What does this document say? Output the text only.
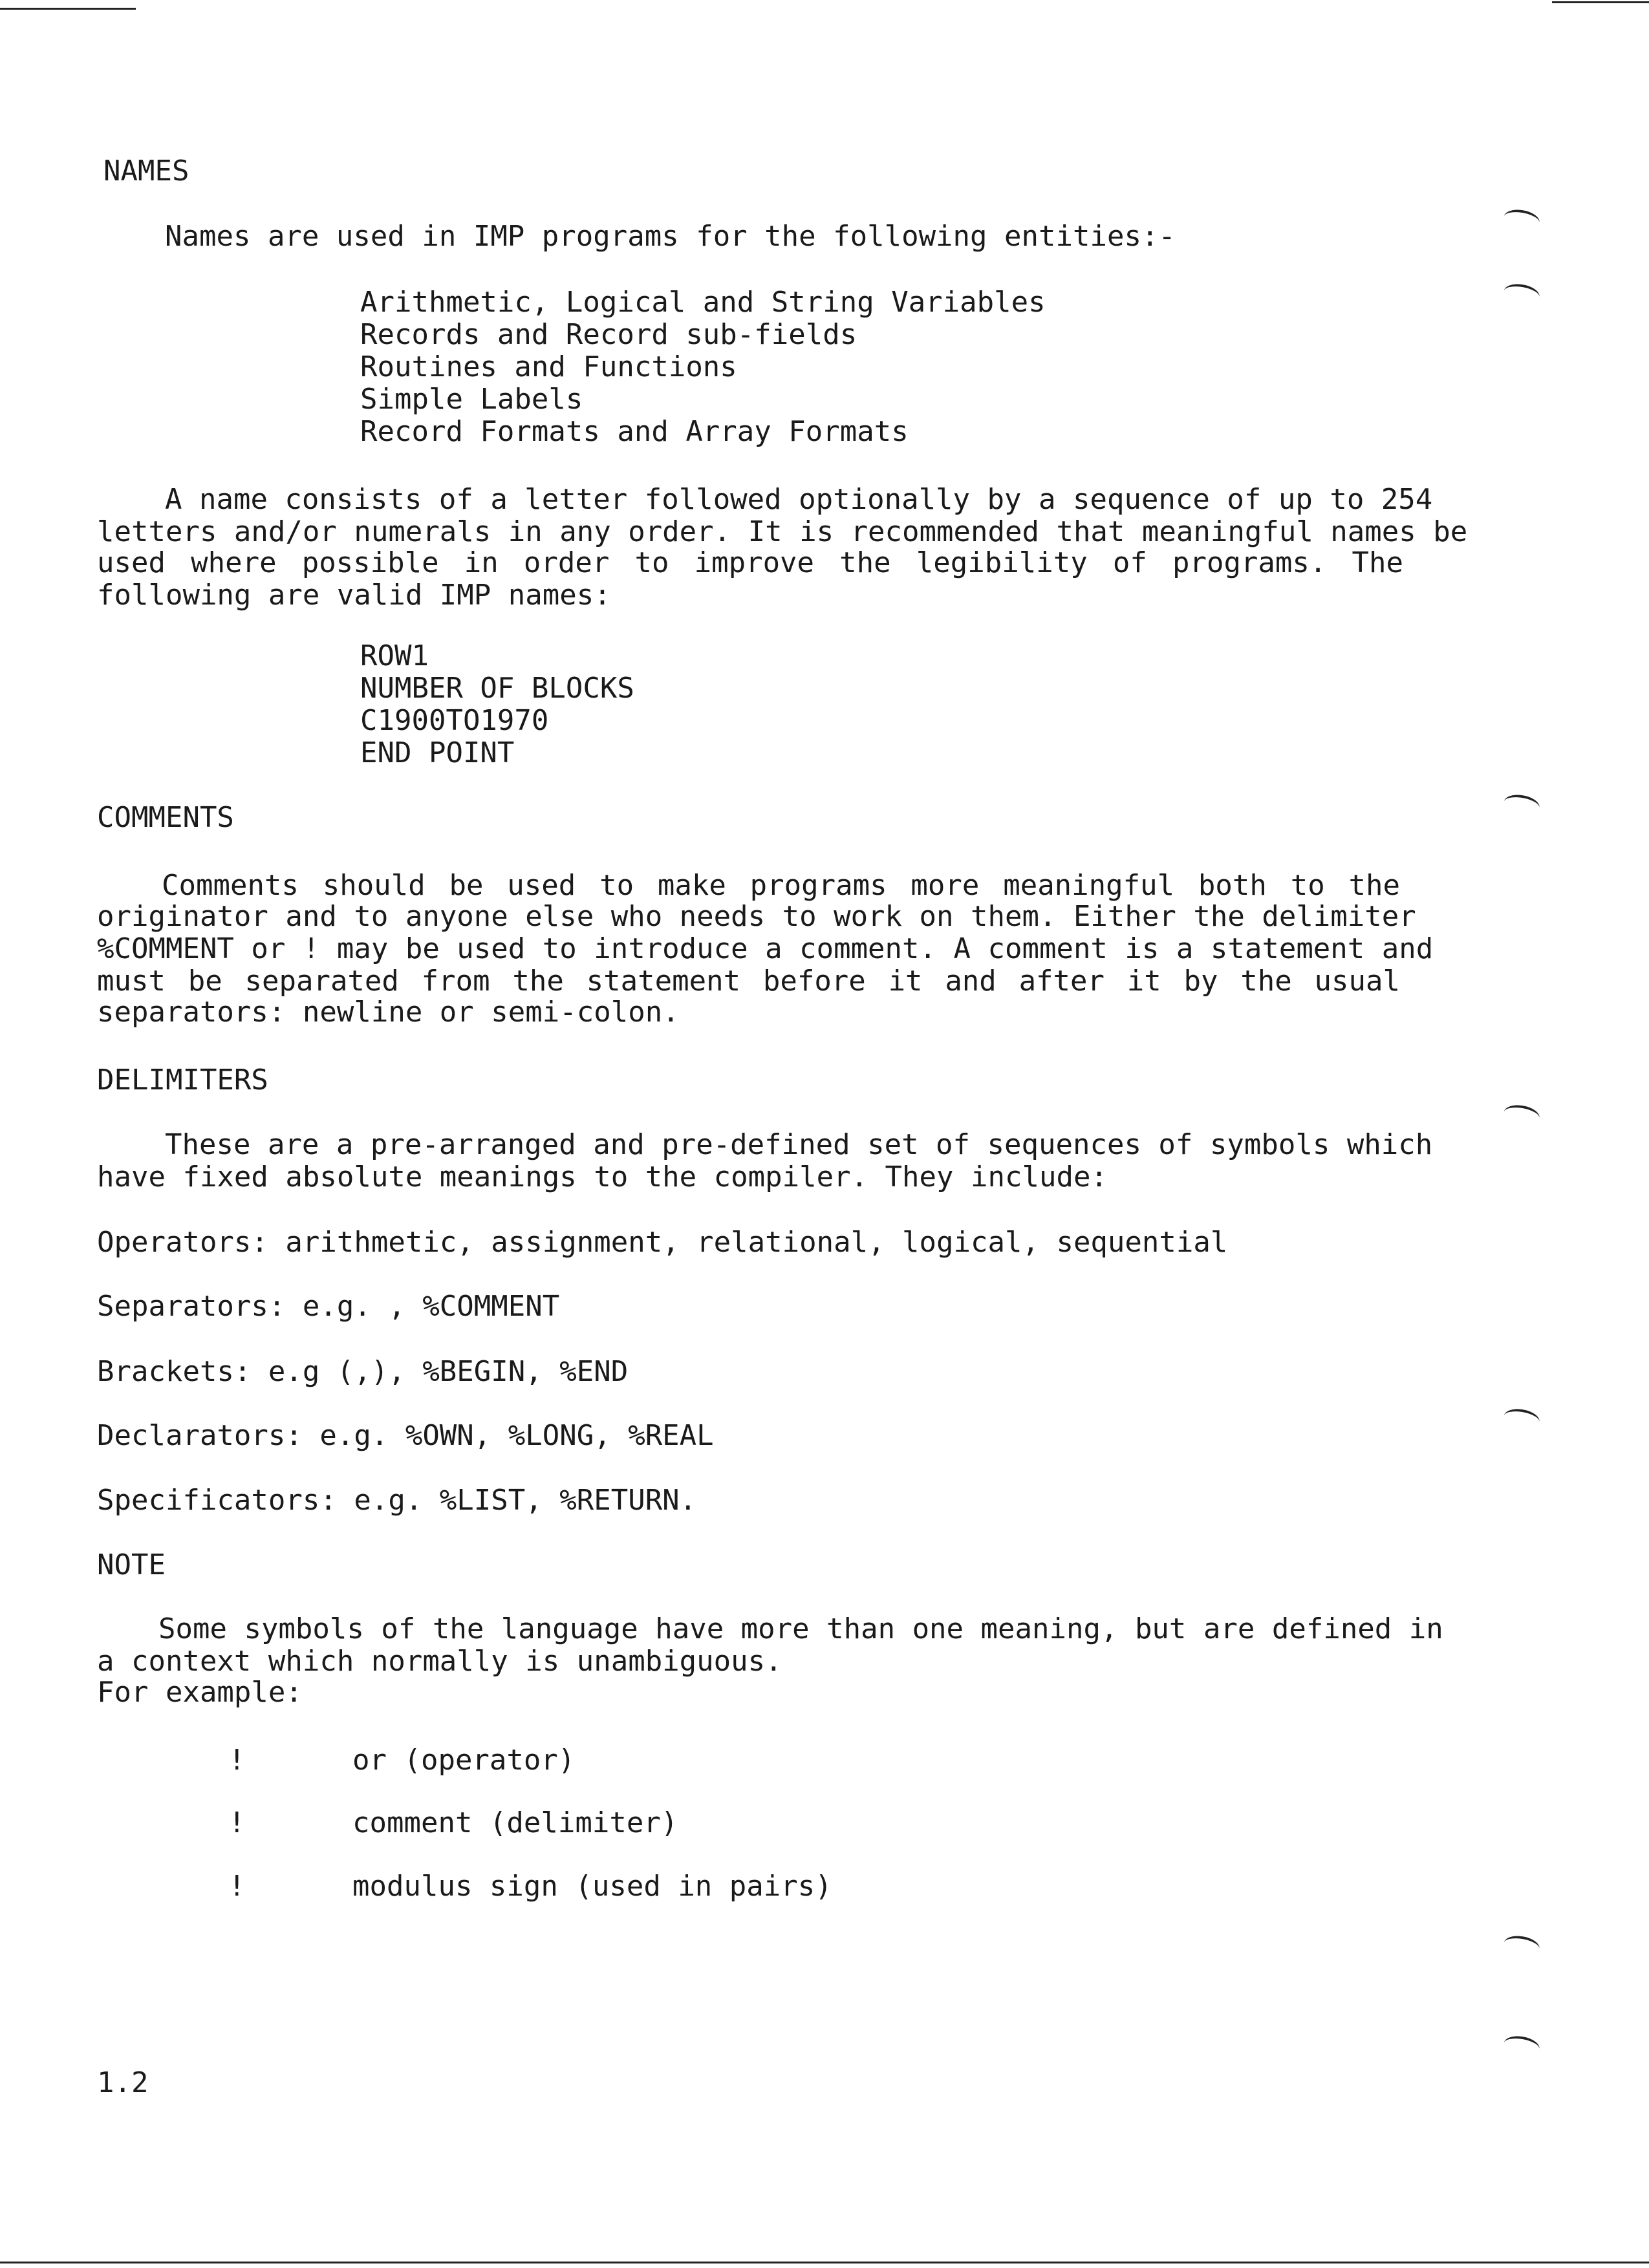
NAMES
Names are used in IMP programs for the following entities:-
Arithmetic, Logical and String Variables
Records and Record sub-fields
Routines and Functions
Simple Labels
Record Formats and Array Formats
A name consists of a letter followed optionally by a sequence of up to 254
letters and/or numerals in any order. It is recommended that meaningful names be
used where possible in order to improve the legibility of programs. The
following are valid IMP names:
ROW1
NUMBER OF BLOCKS
C1900TO1970
END POINT
COMMENTS
Comments should be used to make programs more meaningful both to the
originator and to anyone else who needs to work on them. Either the delimiter
%COMMENT or ! may be used to introduce a comment. A comment is a statement and
must be separated from the statement before it and after it by the usual
separators: newline or semi-colon.
DELIMITERS
These are a pre-arranged and pre-defined set of sequences of symbols which
have fixed absolute meanings to the compiler. They include:
Operators: arithmetic, assignment, relational, logical, sequential
Separators: e.g. , %COMMENT
Brackets: e.g (,), %BEGIN, %END
Declarators: e.g. %OWN, %LONG, %REAL
Specificators: e.g. %LIST, %RETURN.
NOTE
Some symbols of the language have more than one meaning, but are defined in
a context which normally is unambiguous.
For example:
!	or (operator)
!	comment (delimiter)
!	modulus sign (used in pairs)
1.2
